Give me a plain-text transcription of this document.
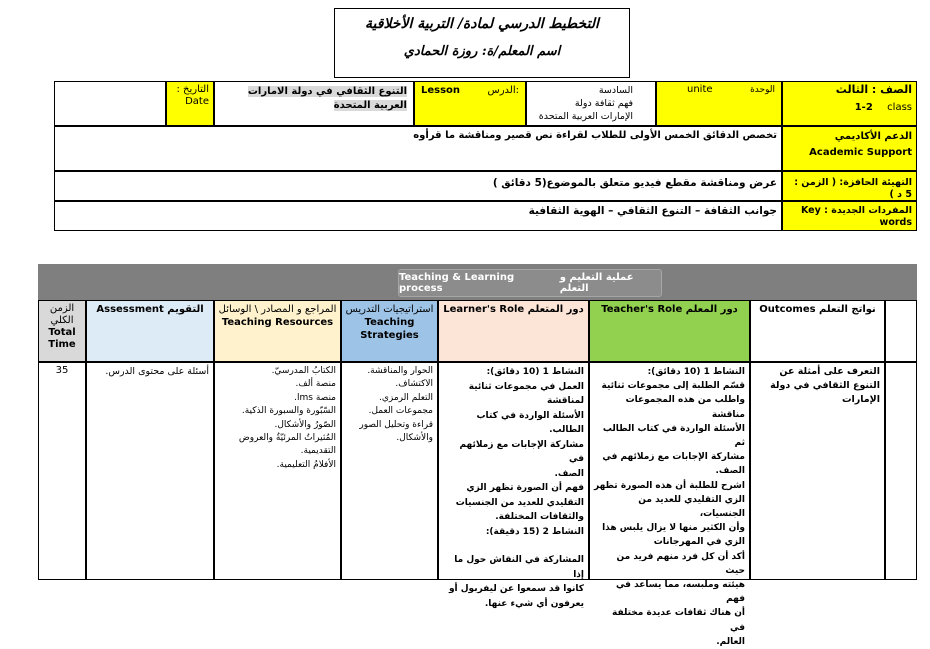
التخطيط الدرسي لمادة/ التربية الأخلاقية
اسم المعلم/ة: روزة الحمادي
الصف : الثالث
1-2 class
الوحدة
unite
السادسة
فهم ثقافة دولة
الإمارات العربية المتحدة
الدرس:
Lesson
التنوع الثقافي في دولة الامارات العربية المتحدة
التاريخ :
Date
الدعم الأكاديمي
Academic Support
تخصص الدقائق الخمس الأولى للطلاب لقراءة نص قصير ومناقشة ما قرأوه
التهيئة الحافزة: ( الزمن : 5 د )
عرض ومناقشة مقطع فيديو متعلق بالموضوع(5 دقائق )
المفردات الجديدة : Key words
جوانب الثقافة – التنوع الثقافي – الهوية الثقافية
Teaching & Learning process
عملية التعليم و التعلم
Outcomes نواتج التعلم
Teacher's Role دور المعلم
Learner's Role دور المتعلم
استراتيجيات التدريس
Teaching Strategies
المراجع و المصادر \ الوسائل
Teaching Resources
Assessment التقويم
الزمن الكلي
Total Time
التعرف على أمثلة عن التنوع الثقافي في دولة الإمارات
النشاط 1 (10 دقائق):
قسّم الطلبة إلى مجموعات ثنائية
واطلب من هذه المجموعات مناقشة
الأسئلة الواردة في كتاب الطالب ثم
مشاركة الإجابات مع زملائهم في
الصف.
اشرح للطلبة أن هذه الصورة تظهر
الزي التقليدي للعديد من الجنسيات،
وأن الكثير منها لا يزال يلبس هذا
الزي في المهرجانات
أكد أن كل فرد منهم فريد من حيث
هيئته وملبسه، مما يساعد في فهم
أن هناك ثقافات عديدة مختلفة في
العالم.
النشاط 1 (10 دقائق):
العمل في مجموعات ثنائية لمناقشة
الأسئلة الواردة في كتاب الطالب.
مشاركة الإجابات مع زملائهم في
الصف.
فهم أن الصورة تظهر الزي
التقليدي للعديد من الجنسيات
والثقافات المختلفة.
النشاط 2 (15 دقيقة):
المشاركة في النقاش حول ما إذا
كانوا قد سمعوا عن ليفربول أو
يعرفون أي شيء عنها.
الحوار والمناقشة.
الاكتشاف.
التعلم الرمزي.
مجموعات العمل.
قراءة وتحليل الصور
والأشكال.
الكتابُ المدرسيّ.
منصة ألف.
منصة lms.
السّبّورة والسبورة الذكية.
الصّورُ والأشكال.
المُثيراتُ المرئيّةُ والعروض
التقديمية.
الأفلامُ التعليمية.
أسئلة على محتوى الدرس.
35
